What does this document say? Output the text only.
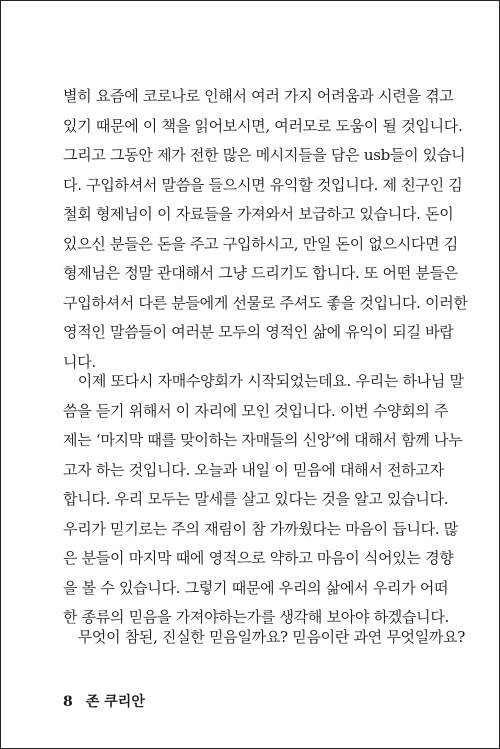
별히 요즘에 코로나로 인해서 여러 가지 어려움과 시련을 겪고
있기 때문에 이 책을 읽어보시면, 여러모로 도움이 될 것입니다.
그리고 그동안 제가 전한 많은 메시지들을 담은 usb들이 있습니
다. 구입하셔서 말씀을 들으시면 유익할 것입니다. 제 친구인 김
철회 형제님이 이 자료들을 가져와서 보급하고 있습니다. 돈이
있으신 분들은 돈을 주고 구입하시고, 만일 돈이 없으시다면 김
형제님은 정말 관대해서 그냥 드리기도 합니다. 또 어떤 분들은
구입하셔서 다른 분들에게 선물로 주셔도 좋을 것입니다. 이러한
영적인 말씀들이 여러분 모두의 영적인 삶에 유익이 되길 바랍
니다.
　이제 또다시 자매수양회가 시작되었는데요. 우리는 하나님 말
씀을 듣기 위해서 이 자리에 모인 것입니다. 이번 수양회의 주
제는 ‘마지막 때를 맞이하는 자매들의 신앙’에 대해서 함께 나누
고자 하는 것입니다. 오늘과 내일 이 믿음에 대해서 전하고자
합니다. 우리 모두는 말세를 살고 있다는 것을 알고 있습니다.
우리가 믿기로는 주의 재림이 참 가까웠다는 마음이 듭니다. 많
은 분들이 마지막 때에 영적으로 약하고 마음이 식어있는 경향
을 볼 수 있습니다. 그렇기 때문에 우리의 삶에서 우리가 어떠
한 종류의 믿음을 가져야하는가를 생각해 보아야 하겠습니다.
　무엇이 참된, 진실한 믿음일까요? 믿음이란 과연 무엇일까요?
8 존 쿠리안
